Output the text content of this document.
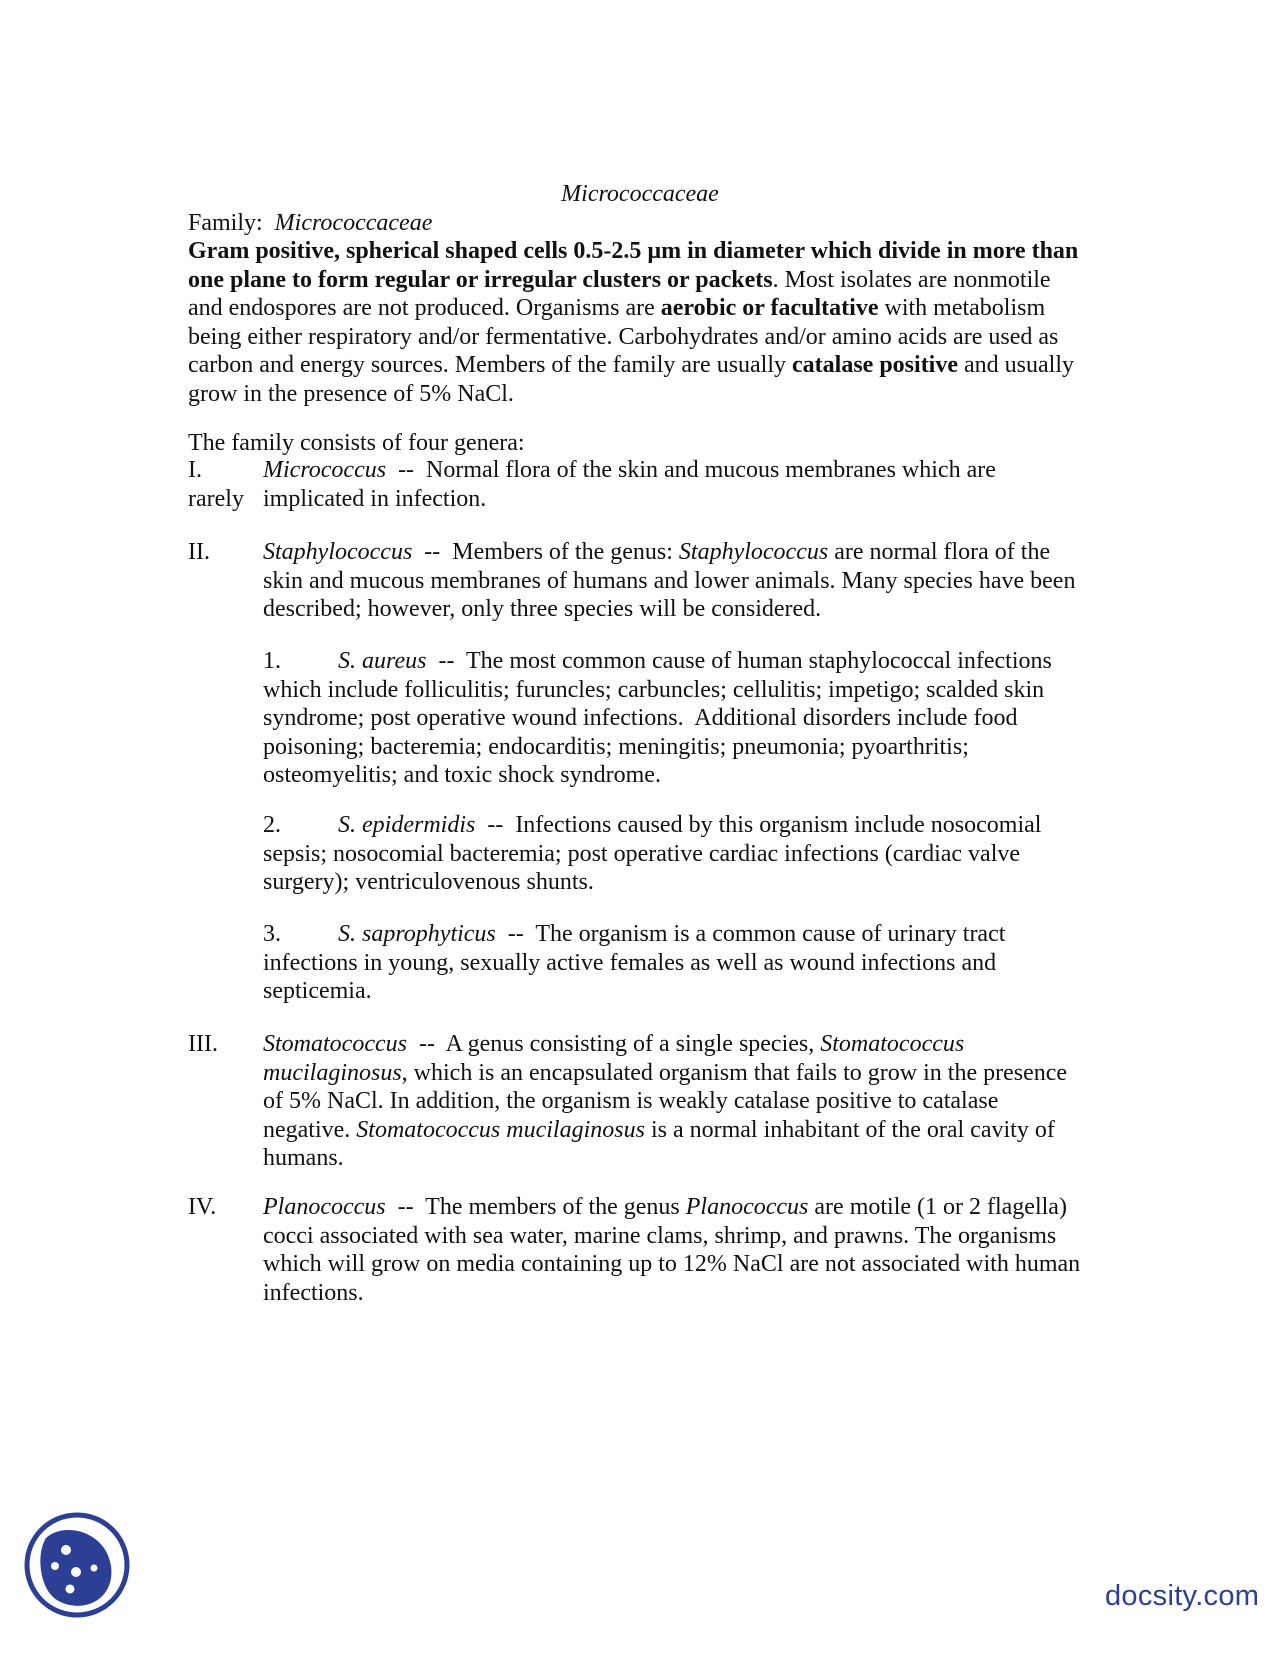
Micrococcaceae
Family: Micrococcaceae
Gram positive, spherical shaped cells 0.5-2.5 µm in diameter which divide in more than one plane to form regular or irregular clusters or packets. Most isolates are nonmotile and endospores are not produced. Organisms are aerobic or facultative with metabolism being either respiratory and/or fermentative. Carbohydrates and/or amino acids are used as carbon and energy sources. Members of the family are usually catalase positive and usually grow in the presence of 5% NaCl.
The family consists of four genera:
I.	Micrococcus  --  Normal flora of the skin and mucous membranes which are
rarely implicated in infection.
II. Staphylococcus  --  Members of the genus: Staphylococcus are normal flora of the skin and mucous membranes of humans and lower animals. Many species have been described; however, only three species will be considered.
1. S. aureus  --  The most common cause of human staphylococcal infections which include folliculitis; furuncles; carbuncles; cellulitis; impetigo; scalded skin syndrome; post operative wound infections.  Additional disorders include food poisoning; bacteremia; endocarditis; meningitis; pneumonia; pyoarthritis; osteomyelitis; and toxic shock syndrome.
2. S. epidermidis  --  Infections caused by this organism include nosocomial sepsis; nosocomial bacteremia; post operative cardiac infections (cardiac valve surgery); ventriculovenous shunts.
3. S. saprophyticus  --  The organism is a common cause of urinary tract infections in young, sexually active females as well as wound infections and septicemia.
III. Stomatococcus  --  A genus consisting of a single species, Stomatococcus mucilaginosus, which is an encapsulated organism that fails to grow in the presence of 5% NaCl. In addition, the organism is weakly catalase positive to catalase negative. Stomatococcus mucilaginosus is a normal inhabitant of the oral cavity of humans.
IV. Planococcus  --  The members of the genus Planococcus are motile (1 or 2 flagella) cocci associated with sea water, marine clams, shrimp, and prawns. The organisms which will grow on media containing up to 12% NaCl are not associated with human infections.
docsity.com
